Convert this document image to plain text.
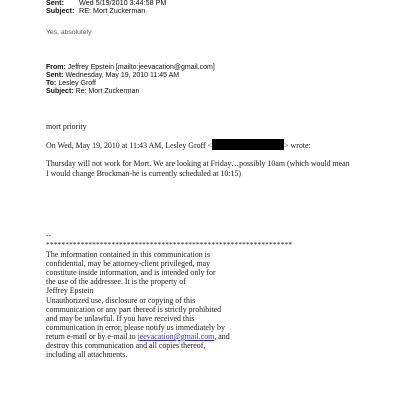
Sent: Wed 5/19/2010 3:44:58 PM
Subject: RE: Mort Zuckerman
Yes, absolutely
From: Jeffrey Epstein [mailto:jeevacation@gmail.com]
Sent: Wednesday, May 19, 2010 11:45 AM
To: Lesley Groff
Subject: Re: Mort Zuckerman
mort priority
On Wed, May 19, 2010 at 11:43 AM, Lesley Groff <	> wrote:
Thursday will not work for Mort. We are looking at Friday…possibly 10am (which would mean
I would change Brockman-he is currently scheduled at 10:15)
--
****************************************************************
The information contained in this communication is
confidential, may be attorney-client privileged, may
constitute inside information, and is intended only for
the use of the addressee. It is the property of
Jeffrey Epstein
Unauthorized use, disclosure or copying of this
communication or any part thereof is strictly prohibited
and may be unlawful. If you have received this
communication in error, please notify us immediately by
return e-mail or by e-mail to jeevacation@gmail.com, and
destroy this communication and all copies thereof,
including all attachments.
